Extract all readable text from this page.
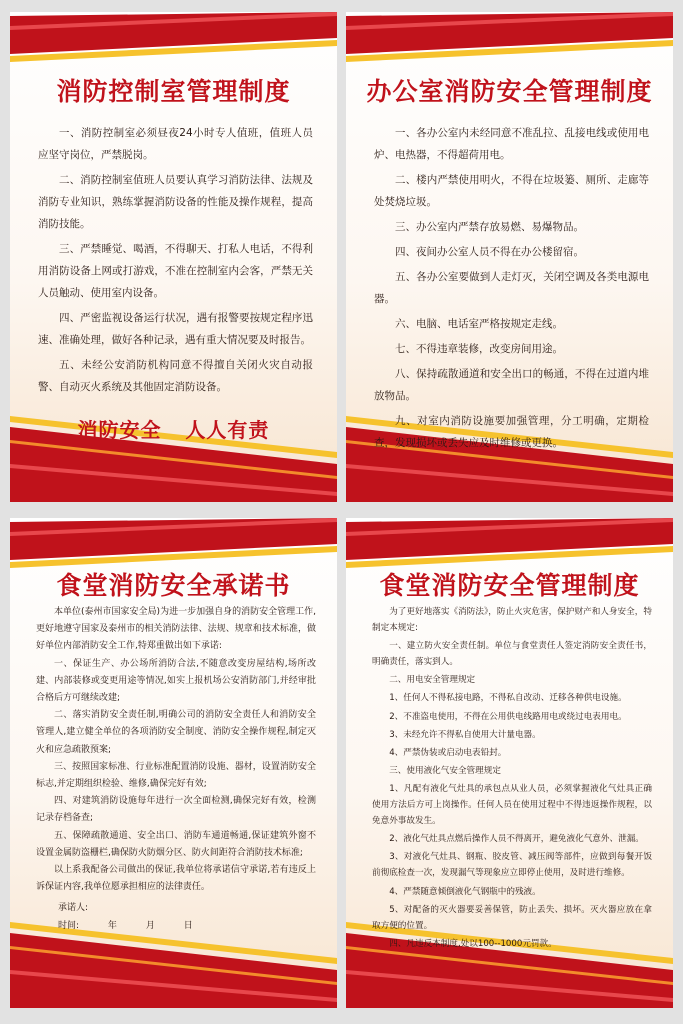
消防控制室管理制度

一、消防控制室必须昼夜24小时专人值班，值班人员应坚守岗位，严禁脱岗。

二、消防控制室值班人员要认真学习消防法律、法规及消防专业知识，熟练掌握消防设备的性能及操作规程，提高消防技能。

三、严禁睡觉、喝酒，不得聊天、打私人电话，不得利用消防设备上网或打游戏，不准在控制室内会客，严禁无关人员触动、使用室内设备。

四、严密监视设备运行状况，遇有报警要按规定程序迅速、准确处理，做好各种记录，遇有重大情况要及时报告。

五、未经公安消防机构同意不得擅自关闭火灾自动报警、自动灭火系统及其他固定消防设备。

消防安全   人人有责
办公室消防安全管理制度

一、各办公室内未经同意不准乱拉、乱接电线或使用电炉、电热器，不得超荷用电。

二、楼内严禁使用明火，不得在垃圾篓、厕所、走廊等处焚烧垃圾。

三、办公室内严禁存放易燃、易爆物品。

四、夜间办公室人员不得在办公楼留宿。

五、各办公室要做到人走灯灭，关闭空调及各类电源电器。

六、电脑、电话室严格按规定走线。

七、不得违章装修，改变房间用途。

八、保持疏散通道和安全出口的畅通，不得在过道内堆放物品。

九、对室内消防设施要加强管理，分工明确，定期检查，发现损坏或丢失应及时维修或更换。

食堂消防安全承诺书

本单位(泰州市国家安全局)为进一步加强自身的消防安全管理工作,更好地遵守国家及泰州市的相关消防法律、法规、规章和技术标准，做好单位内部消防安全工作,特郑重做出如下承诺:

一、保证生产、办公场所消防合法,不随意改变房屋结构,场所改建、内部装修或变更用途等情况,如实上报机场公安消防部门,并经审批合格后方可继续改建;

二、落实消防安全责任制,明确公司的消防安全责任人和消防安全管理人,建立健全单位的各项消防安全制度、消防安全操作规程,制定灭火和应急疏散预案;

三、按照国家标准、行业标准配置消防设施、器材，设置消防安全标志,并定期组织检验、维修,确保完好有效;

四、对建筑消防设施每年进行一次全面检测,确保完好有效，检测记录存档备查;

五、保障疏散通道、安全出口、消防车通道畅通,保证建筑外窗不设置金属防盗栅栏,确保防火防烟分区、防火间距符合消防技术标准;

以上系我配备公司做出的保证,我单位将承诺信守承诺,若有违反上诉保证内容,我单位愿承担相应的法律责任。

承诺人:

时间:	年	月	日

食堂消防安全管理制度

为了更好地落实《消防法》，防止火灾危害，保护财产和人身安全，特制定本规定:

一、建立防火安全责任制。单位与食堂责任人签定消防安全责任书，明确责任，落实到人。

二、用电安全管理规定

1、任何人不得私接电路，不得私自改动、迁移各种供电设施。

2、不准盗电使用，不得在公用供电线路用电或绕过电表用电。

3、未经允许不得私自使用大计量电器。

4、严禁伪装或启动电表铅封。

三、使用液化气安全管理规定

1、凡配有液化气灶具的承包点从业人员，必须掌握液化气灶具正确使用方法后方可上岗操作。任何人员在使用过程中不得违返操作规程，以免意外事故发生。

2、液化气灶具点燃后操作人员不得离开，避免液化气意外、泄漏。

3、对液化气灶具、钢瓶、胶皮管、减压阀等部件，应做到每餐开饭前彻底检查一次，发现漏气等现象应立即停止使用，及时进行维修。

4、严禁随意倾倒液化气钢瓶中的残液。

5、对配备的灭火器要妥善保管，防止丢失、损坏。灭火器应放在拿取方便的位置。

四、凡违反本制度,处以100--1000元罚款。
